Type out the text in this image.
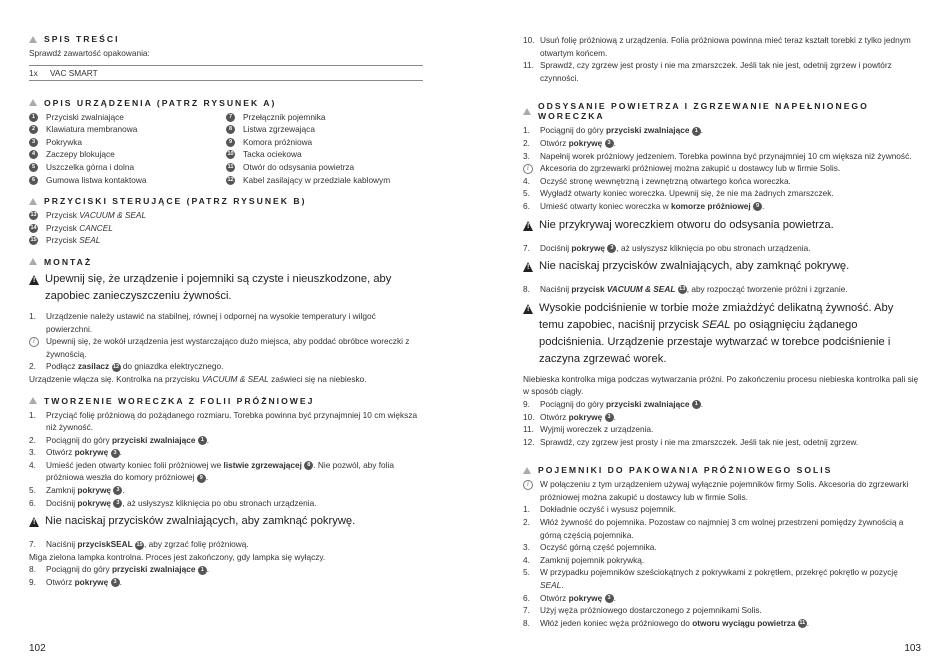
SPIS TREŚCI

Sprawdź zawartość opakowania:

1x	VAC SMART
OPIS URZĄDZENIA (PATRZ RYSUNEK A)
1	Przyciski zwalniające
2	Klawiatura membranowa
3	Pokrywka
4	Zaczepy blokujące
5	Uszczelka górna i dolna
6	Gumowa listwa kontaktowa
7	Przełącznik pojemnika
8	Listwa zgrzewająca
9	Komora próżniowa
10 Tacka ociekowa
11 Otwór do odsysania powietrza
12 Kabel zasilający w przedziale kablowym
PRZYCISKI STERUJĄCE (PATRZ RYSUNEK B)
13 Przycisk VACUUM & SEAL
14 Przycisk CANCEL
15 Przycisk SEAL
MONTAŻ
! Upewnij się, że urządzenie i pojemniki są czyste i nieuszkodzone, aby zapobiec zanieczyszczeniu żywności.
1.	Urządzenie należy ustawić na stabilnej, równej i odpornej na wysokie temperatury i wilgoć powierzchni.
i	Upewnij się, że wokół urządzenia jest wystarczająco dużo miejsca, aby poddać obróbce woreczki z żywnością.
2.	Podłącz zasilacz 12 do gniazdka elektrycznego.

Urządzenie włącza się. Kontrolka na przycisku VACUUM & SEAL zaświeci się na niebiesko.

TWORZENIE WORECZKA Z FOLII PRÓŻNIOWEJ
1.	Przyciąć folię próżniową do pożądanego rozmiaru. Torebka powinna być przynajmniej 10 cm większa niż żywność.
2.	Pociągnij do góry przyciski zwalniające 1 .
3.	Otwórz pokrywę 3 .
4.	Umieść jeden otwarty koniec folii próżniowej we listwie zgrzewającej 8 . Nie pozwól, aby folia próżniowa weszła do komory próżniowej 9 .
5.	Zamknij pokrywę 3 .
6.	Dociśnij pokrywę 3 , aż usłyszysz kliknięcia po obu stronach urządzenia.
! Nie naciskaj przycisków zwalniających, aby zamknąć pokrywę.
7.	Naciśnij przyciskSEAL 15, aby zgrzać folię próżniową.

Miga zielona lampka kontrolna. Proces jest zakończony, gdy lampka się wyłączy.

8.	Pociągnij do góry przyciski zwalniające 1 .
9.	Otwórz pokrywę 3 .
102
10. Usuń folię próżniową z urządzenia. Folia próżniowa powinna mieć teraz kształt torebki z tylko jednym otwartym końcem.
11. Sprawdź, czy zgrzew jest prosty i nie ma zmarszczek. Jeśli tak nie jest, odetnij zgrzew i powtórz czynności.
ODSYSANIE POWIETRZA I ZGRZEWANIE NAPEŁNIONEGO WORECZKA
1.	Pociągnij do góry przyciski zwalniające 1 .
2.	Otwórz pokrywę 3 .
3.	Napełnij worek próżniowy jedzeniem. Torebka powinna być przynajmniej 10 cm większa niż żywność.
i	Akcesoria do zgrzewarki próżniowej można zakupić u dostawcy lub w firmie Solis.
4.	Oczyść stronę wewnętrzną i zewnętrzną otwartego końca woreczka.
5.	Wygładź otwarty koniec woreczka. Upewnij się, że nie ma żadnych zmarszczek.
6.	Umieść otwarty koniec woreczka w komorze próżniowej 9 .
! Nie przykrywaj woreczkiem otworu do odsysania powietrza.
7.	Dociśnij pokrywę 3 , aż usłyszysz kliknięcia po obu stronach urządzenia.
! Nie naciskaj przycisków zwalniających, aby zamknąć pokrywę.
8.	Naciśnij przycisk VACUUM & SEAL 13, aby rozpocząć tworzenie próżni i zgrzanie.
! Wysokie podciśnienie w torbie może zmiażdżyć delikatną żywność. Aby temu zapobiec, naciśnij przycisk SEAL po osiągnięciu żądanego podciśnienia. Urządzenie przestaje wytwarzać w torebce podciśnienie i zaczyna zgrzewać worek.

Niebieska kontrolka miga podczas wytwarzania próżni. Po zakończeniu procesu niebieska kontrolka pali się w sposób ciągły.

9.	Pociągnij do góry przyciski zwalniające 1 .
10. Otwórz pokrywę 3 .
11. Wyjmij woreczek z urządzenia.
12. Sprawdź, czy zgrzew jest prosty i nie ma zmarszczek. Jeśli tak nie jest, odetnij zgrzew.
POJEMNIKI DO PAKOWANIA PRÓŻNIOWEGO SOLIS
i	W połączeniu z tym urządzeniem używaj wyłącznie pojemników firmy Solis. Akcesoria do zgrzewarki próżniowej można zakupić u dostawcy lub w firmie Solis.
1.	Dokładnie oczyść i wysusz pojemnik.
2.	Włóż żywność do pojemnika. Pozostaw co najmniej 3 cm wolnej przestrzeni pomiędzy żywnością a górną częścią pojemnika.
3.	Oczyść górną część pojemnika.
4.	Zamknij pojemnik pokrywką.
5.	W przypadku pojemników sześciokątnych z pokrywkami z pokrętłem, przekręć pokrętło w pozycję SEAL.
6.	Otwórz pokrywę 3 .
7.	Użyj węża próżniowego dostarczonego z pojemnikami Solis.
8.	Włóż jeden koniec węża próżniowego do otworu wyciągu powietrza 11 .
103
